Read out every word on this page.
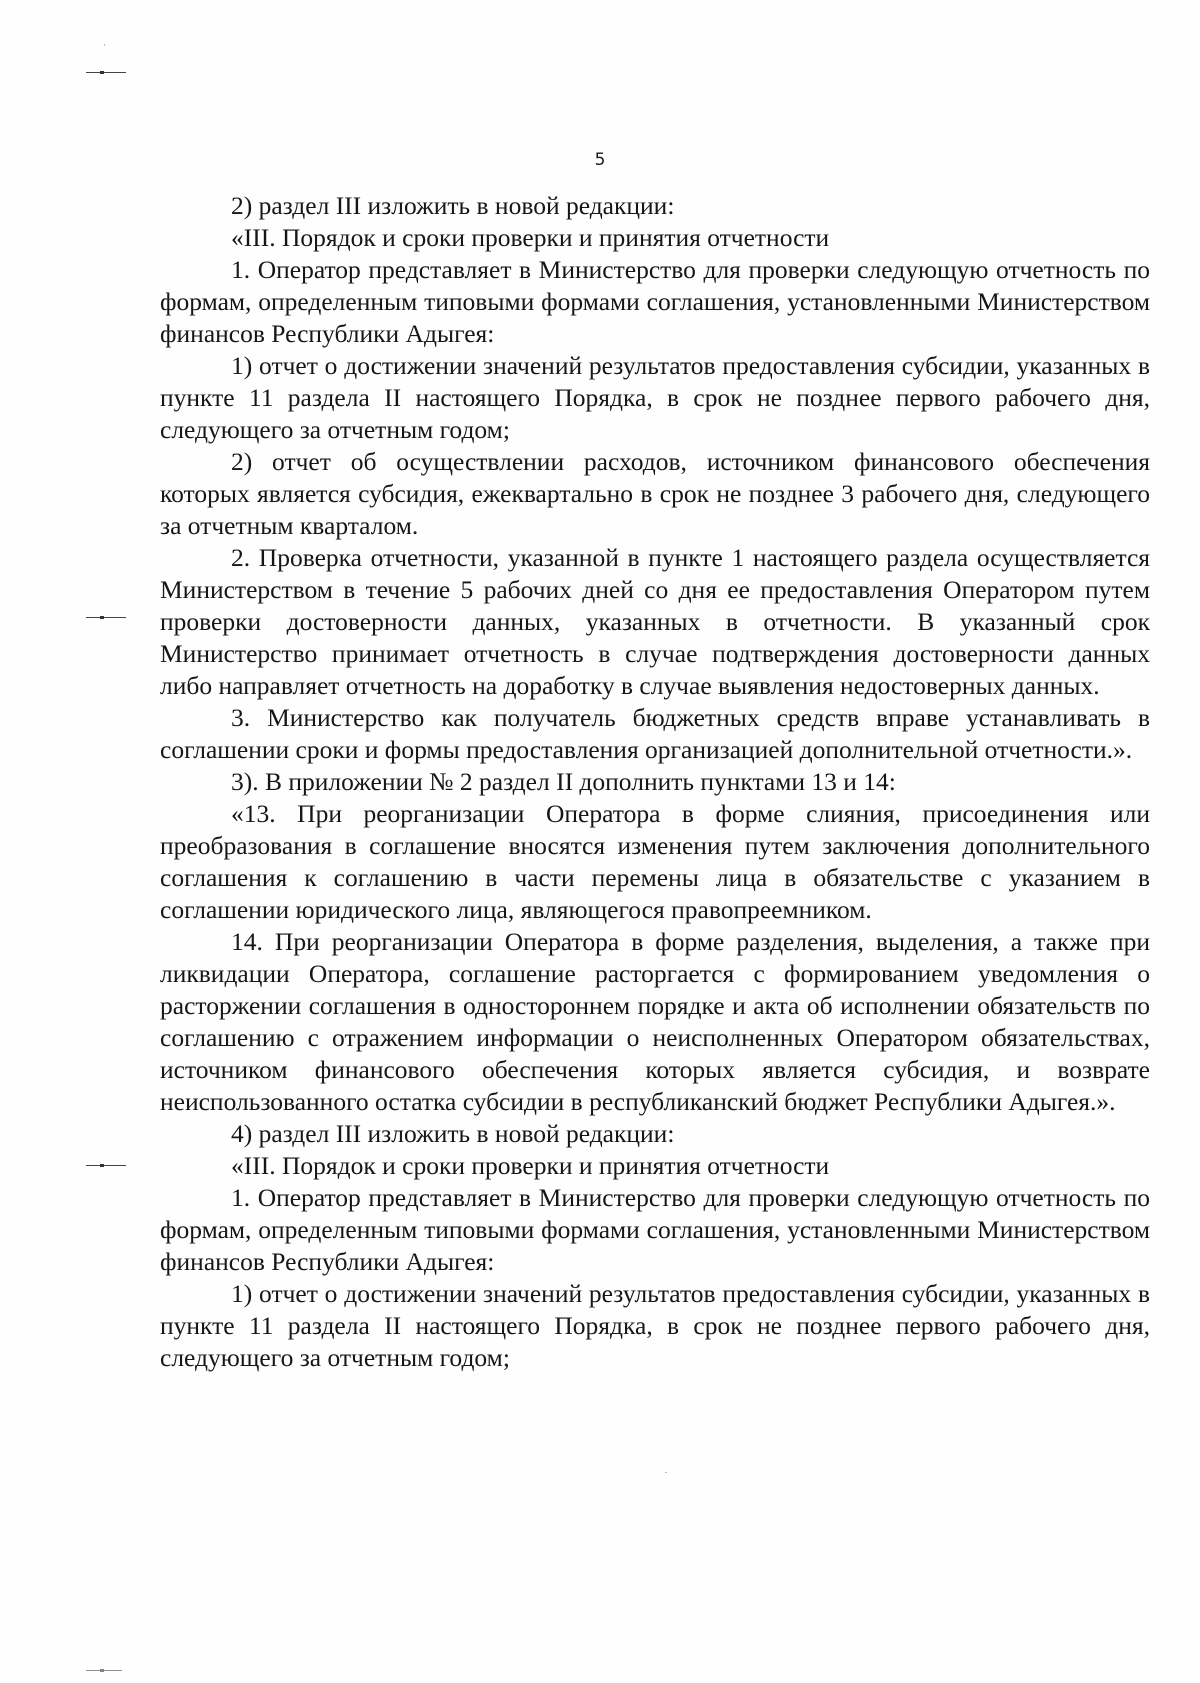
5

2) раздел III изложить в новой редакции:

«III. Порядок и сроки проверки и принятия отчетности

1. Оператор представляет в Министерство для проверки следующую отчетность по формам, определенным типовыми формами соглашения, установленными Министерством финансов Республики Адыгея:

1) отчет о достижении значений результатов предоставления субсидии, указанных в пункте 11 раздела II настоящего Порядка, в срок не позднее первого рабочего дня, следующего за отчетным годом;

2) отчет об осуществлении расходов, источником финансового обеспечения которых является субсидия, ежеквартально в срок не позднее 3 рабочего дня, следующего за отчетным кварталом.

2. Проверка отчетности, указанной в пункте 1 настоящего раздела осуществляется Министерством в течение 5 рабочих дней со дня ее предоставления Оператором путем проверки достоверности данных, указанных в отчетности. В указанный срок Министерство принимает отчетность в случае подтверждения достоверности данных либо направляет отчетность на доработку в случае выявления недостоверных данных.

3. Министерство как получатель бюджетных средств вправе устанавливать в соглашении сроки и формы предоставления организацией дополнительной отчетности.».

3). В приложении № 2 раздел II дополнить пунктами 13 и 14:

«13. При реорганизации Оператора в форме слияния, присоединения или преобразования в соглашение вносятся изменения путем заключения дополнительного соглашения к соглашению в части перемены лица в обязательстве с указанием в соглашении юридического лица, являющегося правопреемником.

14. При реорганизации Оператора в форме разделения, выделения, а также при ликвидации Оператора, соглашение расторгается с формированием уведомления о расторжении соглашения в одностороннем порядке и акта об исполнении обязательств по соглашению с отражением информации о неисполненных Оператором обязательствах, источником финансового обеспечения которых является субсидия, и возврате неиспользованного остатка субсидии в республиканский бюджет Республики Адыгея.».

4) раздел III изложить в новой редакции:

«III. Порядок и сроки проверки и принятия отчетности

1. Оператор представляет в Министерство для проверки следующую отчетность по формам, определенным типовыми формами соглашения, установленными Министерством финансов Республики Адыгея:

1) отчет о достижении значений результатов предоставления субсидии, указанных в пункте 11 раздела II настоящего Порядка, в срок не позднее первого рабочего дня, следующего за отчетным годом;
